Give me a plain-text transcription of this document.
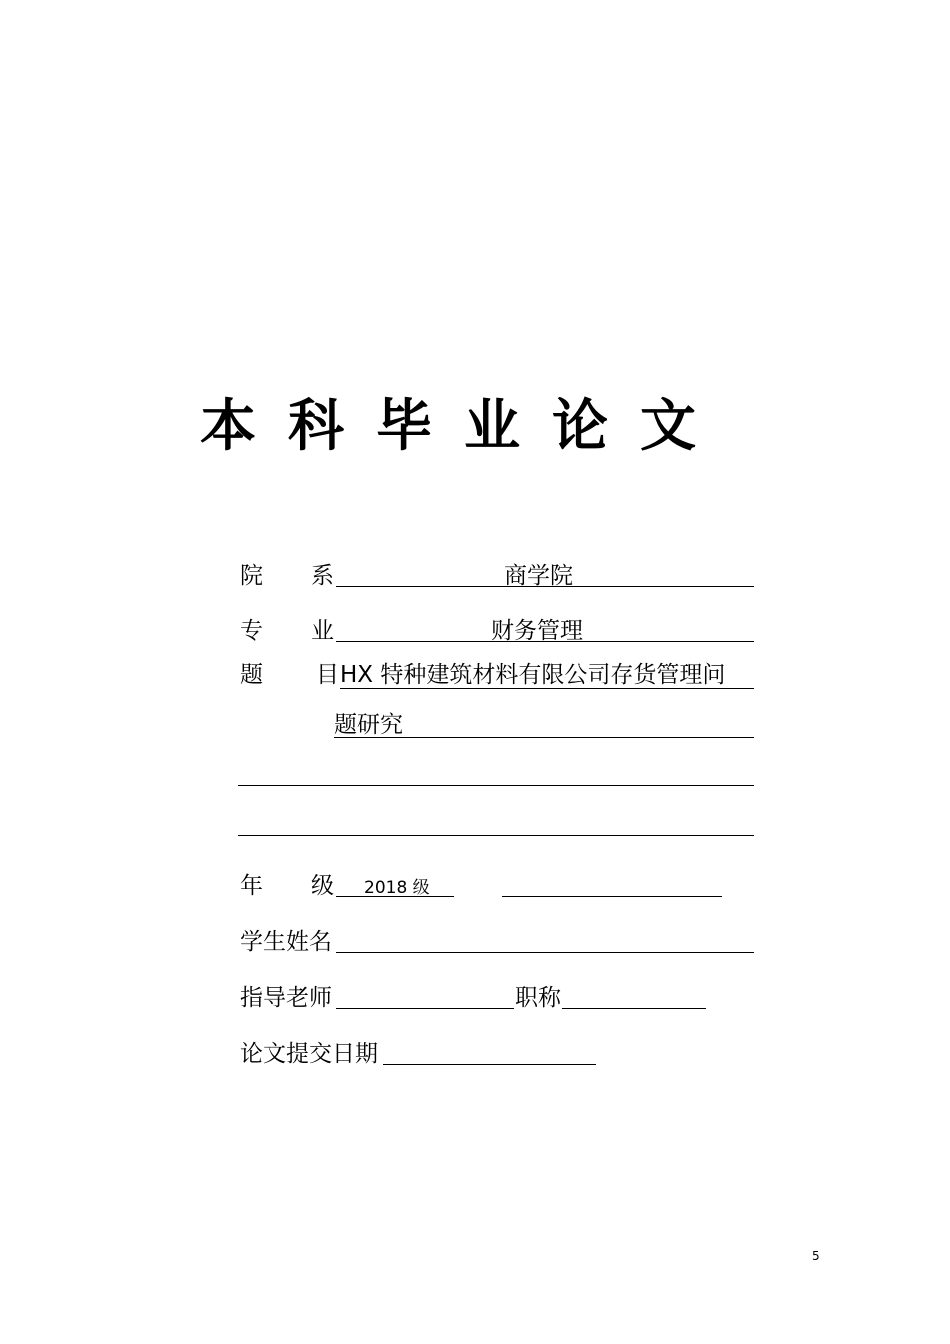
本科毕业论文
院 系	商学院
专 业	财务管理
题 目 HX 特种建筑材料有限公司存货管理问
题研究
年 级 2018 级
学生姓名
指导老师	职称
论文提交日期
5
